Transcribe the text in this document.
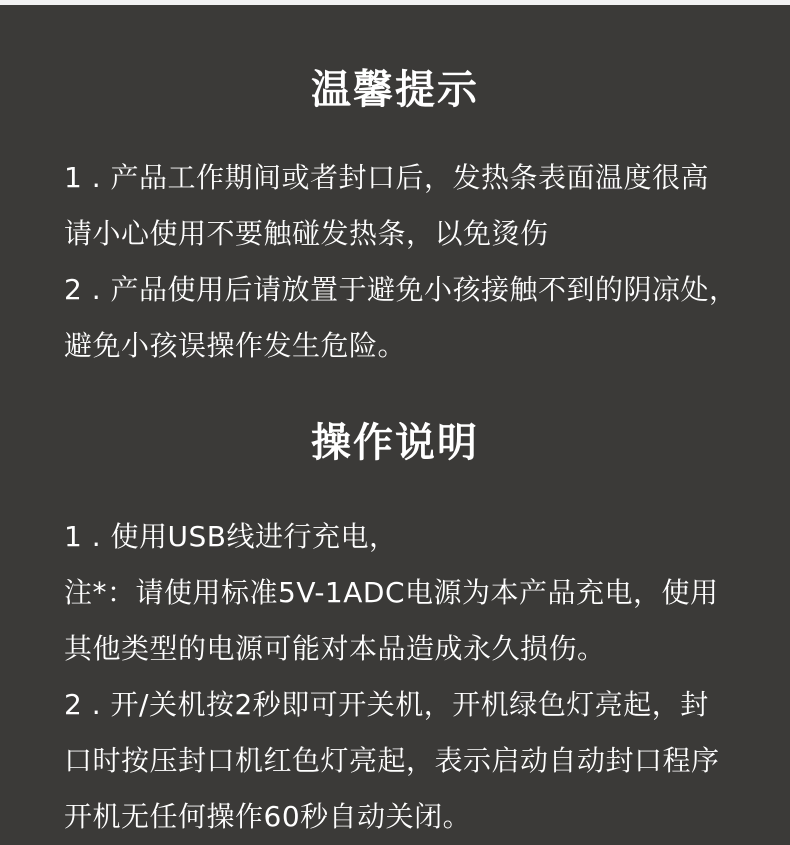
温馨提示
1 . 产品工作期间或者封口后，发热条表面温度很高
请小心使用不要触碰发热条，以免烫伤
2 . 产品使用后请放置于避免小孩接触不到的阴凉处，
避免小孩误操作发生危险。
操作说明
1 . 使用USB线进行充电，
注*：请使用标准5V-1ADC电源为本产品充电，使用
其他类型的电源可能对本品造成永久损伤。
2 . 开/关机按2秒即可开关机，开机绿色灯亮起，封
口时按压封口机红色灯亮起，表示启动自动封口程序
开机无任何操作60秒自动关闭。
